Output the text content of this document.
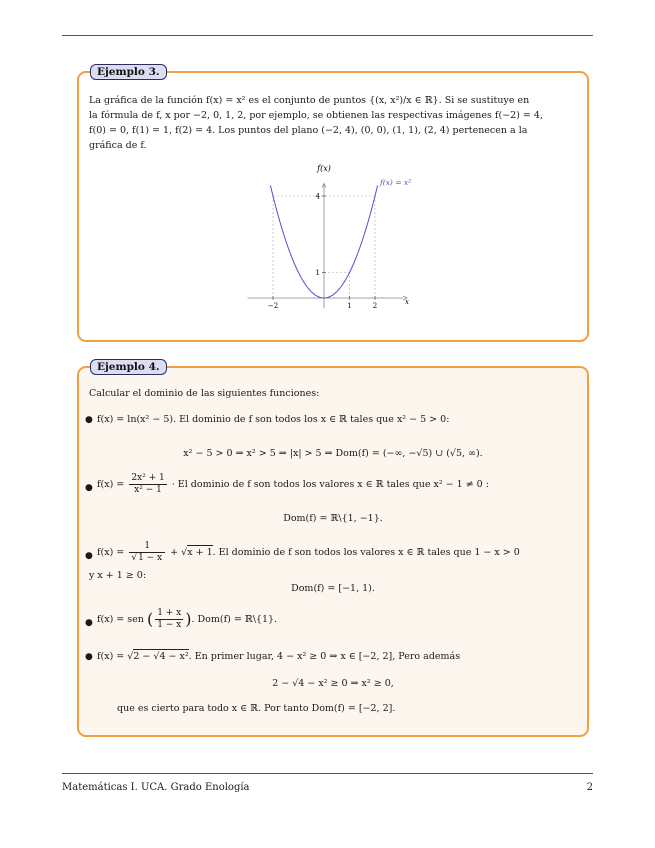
Ejemplo 3.
La gráfica de la función f(x) = x² es el conjunto de puntos {(x, x²)/x ∈ ℝ}. Si se sustituye en
la fórmula de f, x por −2, 0, 1, 2, por ejemplo, se obtienen las respectivas imágenes f(−2) = 4,
f(0) = 0, f(1) = 1, f(2) = 4. Los puntos del plano (−2, 4), (0, 0), (1, 1), (2, 4) pertenecen a la
gráfica de f.
−2	1	2
1
4
f(x)
x
f(x) = x²
Ejemplo 4.
Calcular el dominio de las siguientes funciones:
● f(x) = ln(x² − 5). El dominio de f son todos los x ∈ ℝ tales que x² − 5 > 0:
x² − 5 > 0 ⇒ x² > 5 ⇒ |x| > 5 ⇒ Dom(f) = (−∞, −√5) ∪ (√5, ∞).
● $f(x) = \frac{\text{2x² + 1}}{\text{x² − 1}} \cdot El$ dominio de f son todos los valores x ∈ ℝ tales que x² − 1 ≠ 0 :
Dom(f) = ℝ\{1, −1}.
● $f(x) = \frac{1}{√1 - x} + √x + 1$. El dominio de f son todos los valores x ∈ ℝ tales que 1 − x > 0
y x + 1 ≥ 0:
Dom(f) = [−1, 1).
● f(x) = sen ( $\frac{1 + x}{1 - x}$ ). Dom(f) = ℝ\{1}.
● f(x) = √2 − √4 − x². En primer lugar, 4 − x² ≥ 0 ⇒ x ∈ [−2, 2], Pero además
2 − √4 − x² ≥ 0 ⇒ x² ≥ 0,
que es cierto para todo x ∈ ℝ. Por tanto Dom(f) = [−2, 2].
Matemáticas I. UCA. Grado Enología	2
